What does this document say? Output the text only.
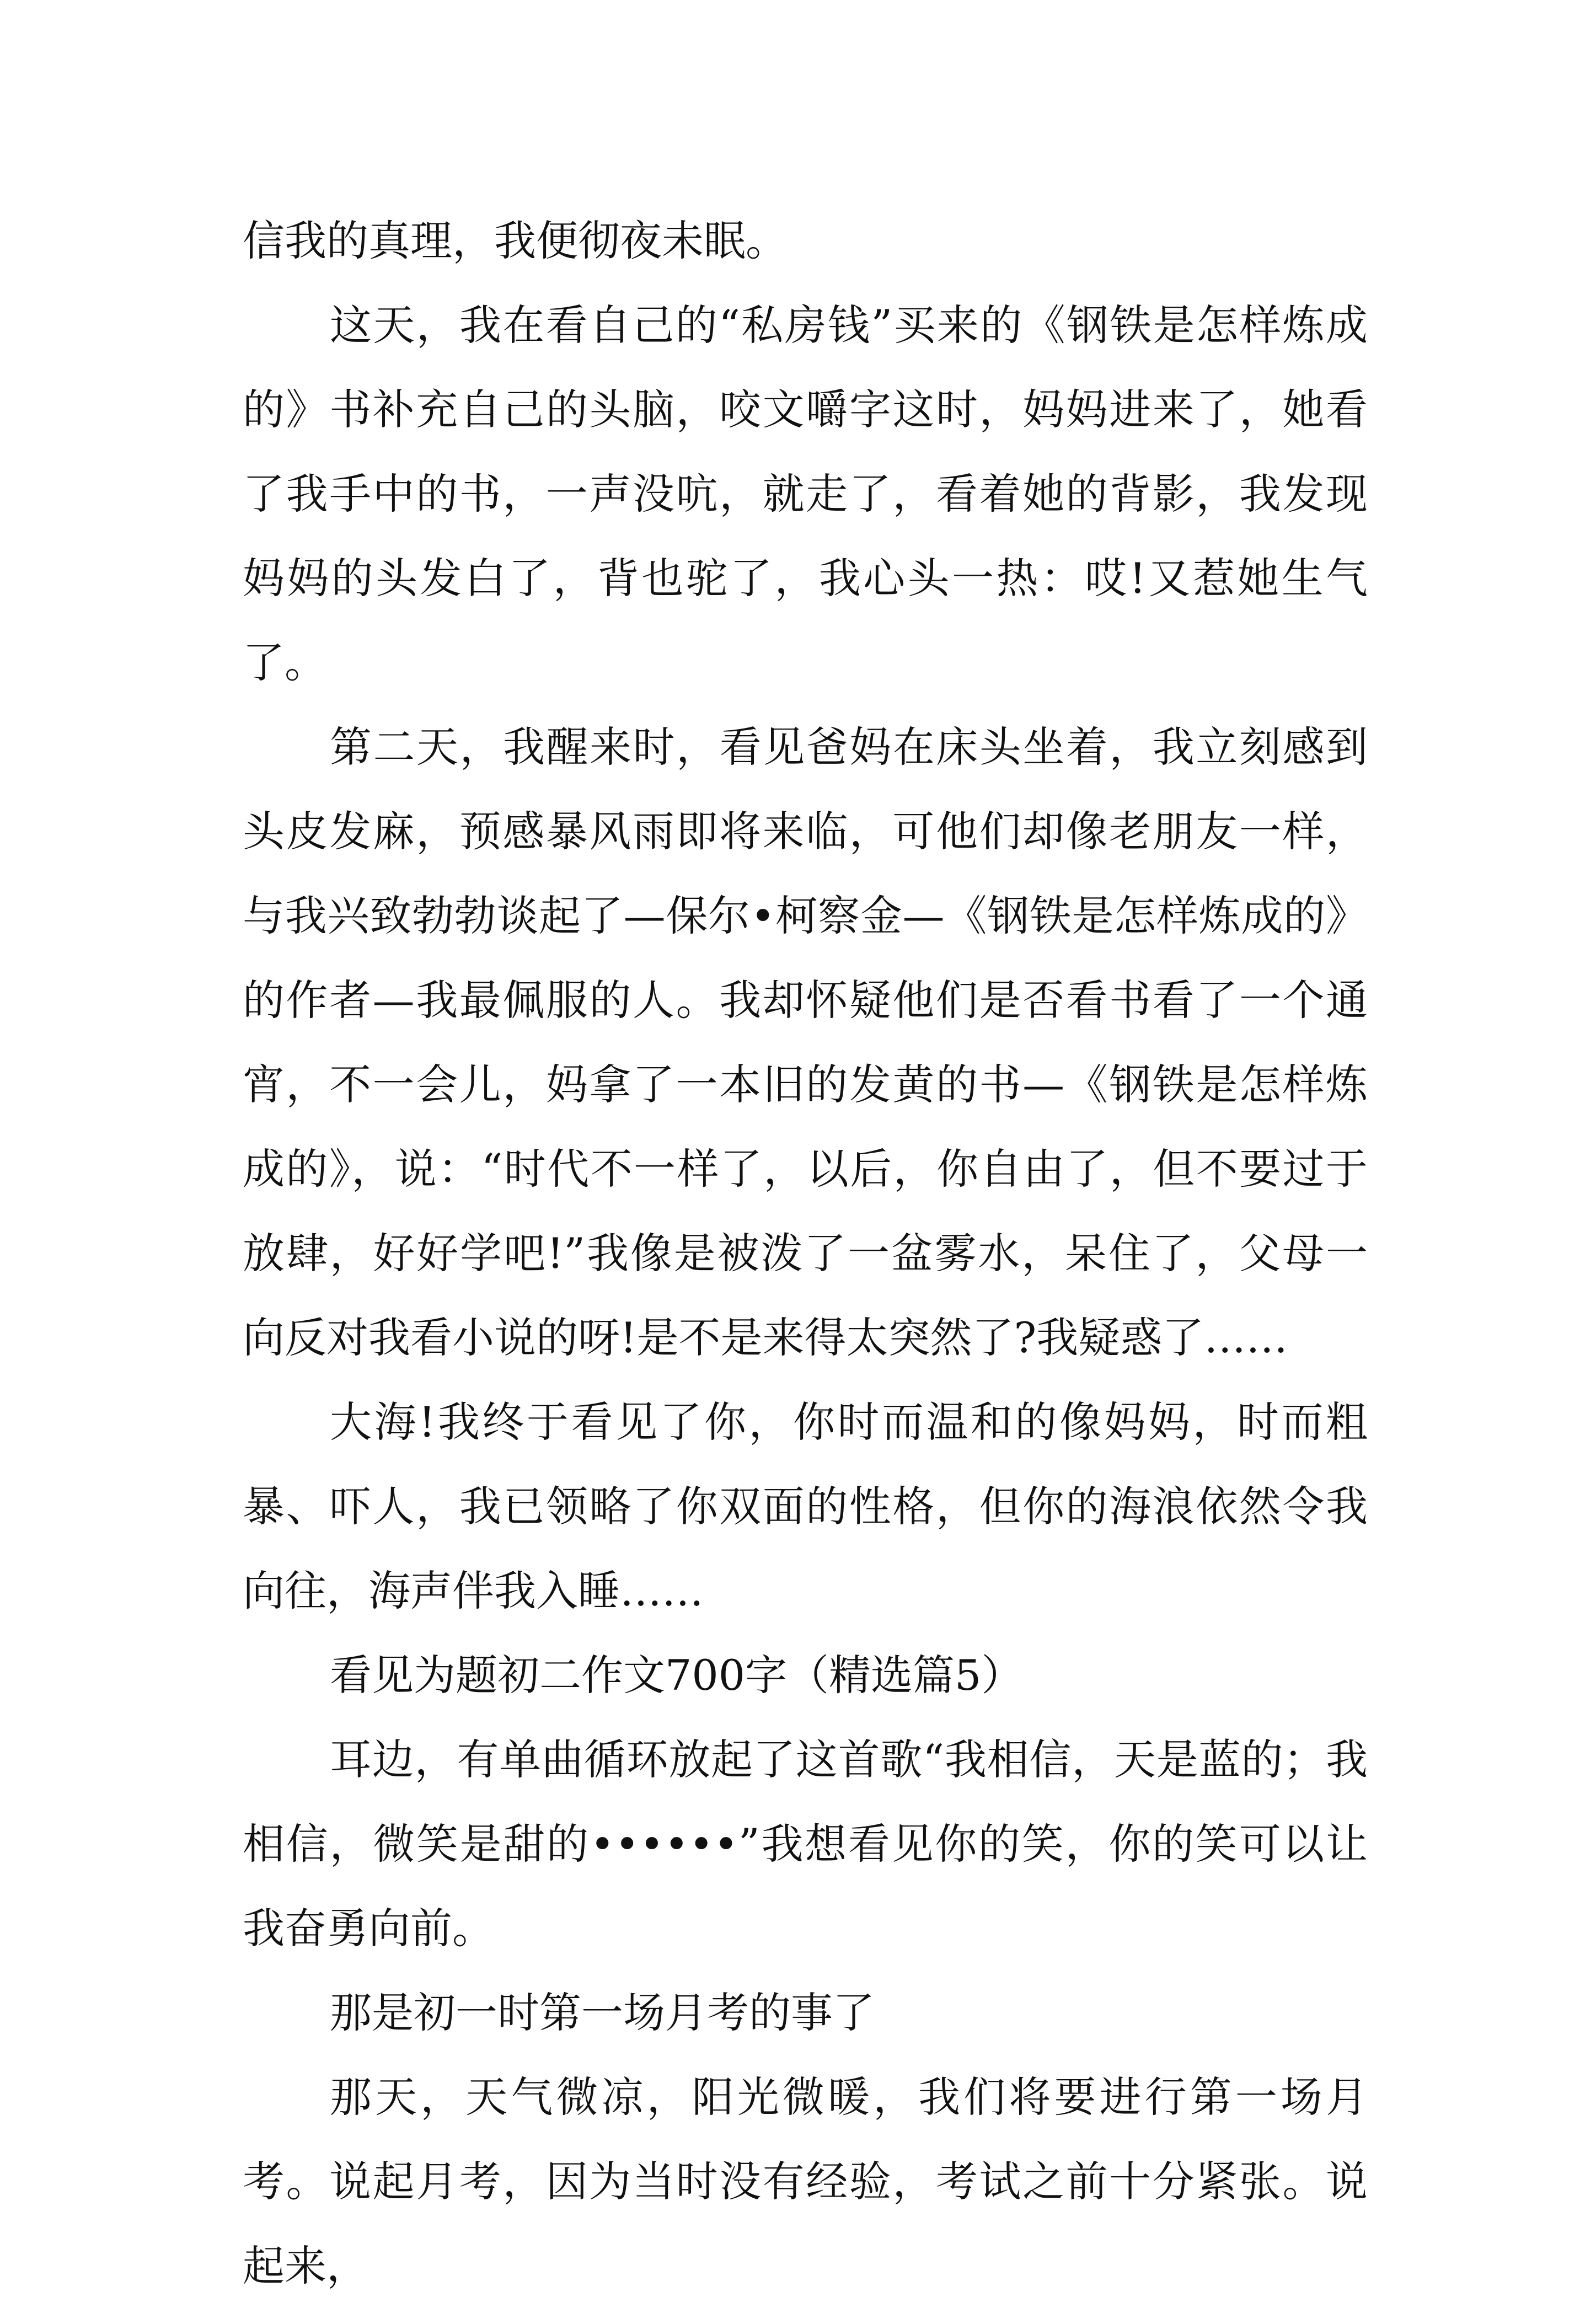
信我的真理，我便彻夜未眠。

这天，我在看自己的“私房钱”买来的《钢铁是怎样炼成的》书补充自己的头脑，咬文嚼字这时，妈妈进来了，她看了我手中的书，一声没吭，就走了，看着她的背影，我发现妈妈的头发白了，背也驼了，我心头一热：哎!又惹她生气了。

第二天，我醒来时，看见爸妈在床头坐着，我立刻感到头皮发麻，预感暴风雨即将来临，可他们却像老朋友一样，与我兴致勃勃谈起了—保尔•柯察金—《钢铁是怎样炼成的》的作者—我最佩服的人。我却怀疑他们是否看书看了一个通宵，不一会儿，妈拿了一本旧的发黄的书—《钢铁是怎样炼成的》，说：“时代不一样了，以后，你自由了，但不要过于放肆，好好学吧!”我像是被泼了一盆雾水，呆住了，父母一向反对我看小说的呀!是不是来得太突然了?我疑惑了……

大海!我终于看见了你，你时而温和的像妈妈，时而粗暴、吓人，我已领略了你双面的性格，但你的海浪依然令我向往，海声伴我入睡……

看见为题初二作文700字（精选篇5）

耳边，有单曲循环放起了这首歌“我相信，天是蓝的；我相信，微笑是甜的••••••”我想看见你的笑，你的笑可以让我奋勇向前。

那是初一时第一场月考的事了

那天，天气微凉，阳光微暖，我们将要进行第一场月考。说起月考，因为当时没有经验，考试之前十分紧张。说起来，
